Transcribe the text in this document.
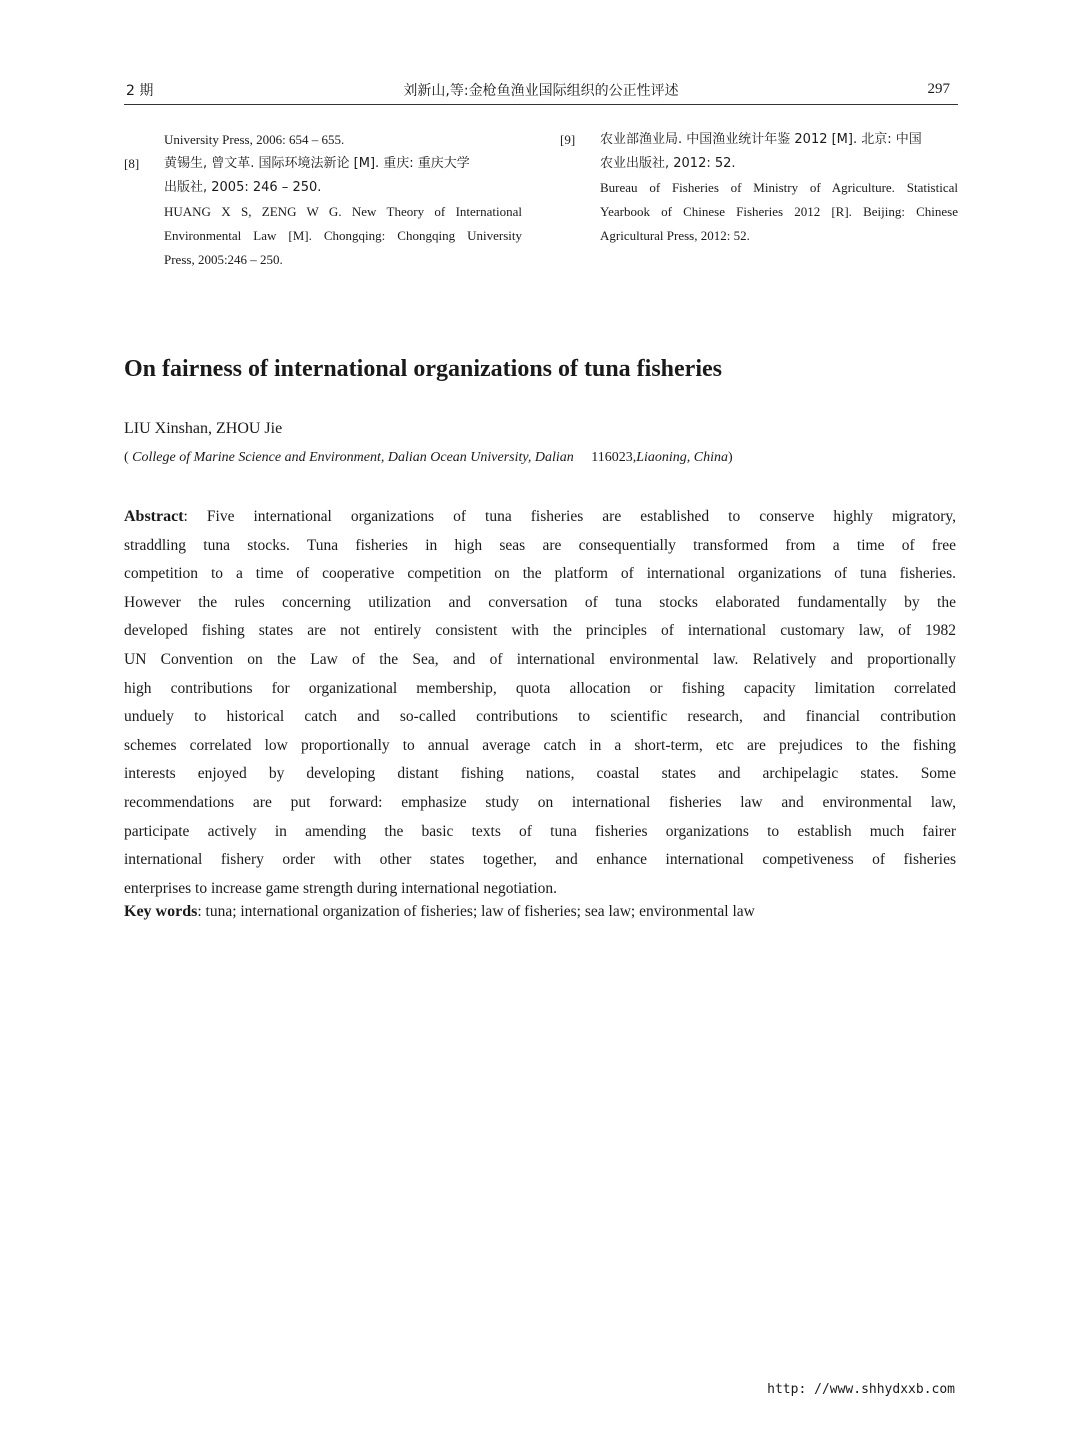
2 期	刘新山,等:金枪鱼渔业国际组织的公正性评述	297
University Press, 2006: 654 – 655.
[8] 黄锡生, 曾文革. 国际环境法新论 [M]. 重庆: 重庆大学
出版社, 2005: 246 – 250.
HUANG X S, ZENG W G. New Theory of International
Environmental Law [M]. Chongqing: Chongqing University
Press, 2005:246 – 250.
[9] 农业部渔业局. 中国渔业统计年鉴 2012 [M]. 北京: 中国
农业出版社, 2012: 52.
Bureau of Fisheries of Ministry of Agriculture. Statistical
Yearbook of Chinese Fisheries 2012 [R]. Beijing: Chinese
Agricultural Press, 2012: 52.
On fairness of international organizations of tuna fisheries
LIU Xinshan, ZHOU Jie
( College of Marine Science and Environment, Dalian Ocean University, Dalian 116023,Liaoning, China)
Abstract: Five international organizations of tuna fisheries are established to conserve highly migratory,
straddling tuna stocks. Tuna fisheries in high seas are consequentially transformed from a time of free
competition to a time of cooperative competition on the platform of international organizations of tuna fisheries.
However the rules concerning utilization and conversation of tuna stocks elaborated fundamentally by the
developed fishing states are not entirely consistent with the principles of international customary law, of 1982
UN Convention on the Law of the Sea, and of international environmental law. Relatively and proportionally
high contributions for organizational membership, quota allocation or fishing capacity limitation correlated
unduely to historical catch and so-called contributions to scientific research, and financial contribution
schemes correlated low proportionally to annual average catch in a short-term, etc are prejudices to the fishing
interests enjoyed by developing distant fishing nations, coastal states and archipelagic states. Some
recommendations are put forward: emphasize study on international fisheries law and environmental law,
participate actively in amending the basic texts of tuna fisheries organizations to establish much fairer
international fishery order with other states together, and enhance international competiveness of fisheries
enterprises to increase game strength during international negotiation.
Key words: tuna; international organization of fisheries; law of fisheries; sea law; environmental law
http: //www.shhydxxb.com
